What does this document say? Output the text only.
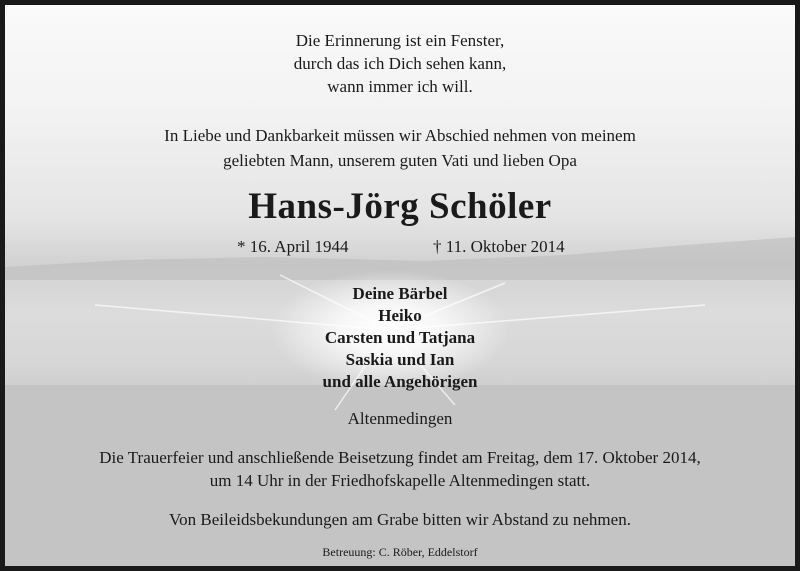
Die Erinnerung ist ein Fenster,
durch das ich Dich sehen kann,
wann immer ich will.
In Liebe und Dankbarkeit müssen wir Abschied nehmen von meinem
geliebten Mann, unserem guten Vati und lieben Opa
Hans-Jörg Schöler
* 16. April 1944	† 11. Oktober 2014
Deine Bärbel
Heiko
Carsten und Tatjana
Saskia und Ian
und alle Angehörigen
Altenmedingen
Die Trauerfeier und anschließende Beisetzung findet am Freitag, dem 17. Oktober 2014,
um 14 Uhr in der Friedhofskapelle Altenmedingen statt.
Von Beileidsbekundungen am Grabe bitten wir Abstand zu nehmen.
Betreuung: C. Röber, Eddelstorf
